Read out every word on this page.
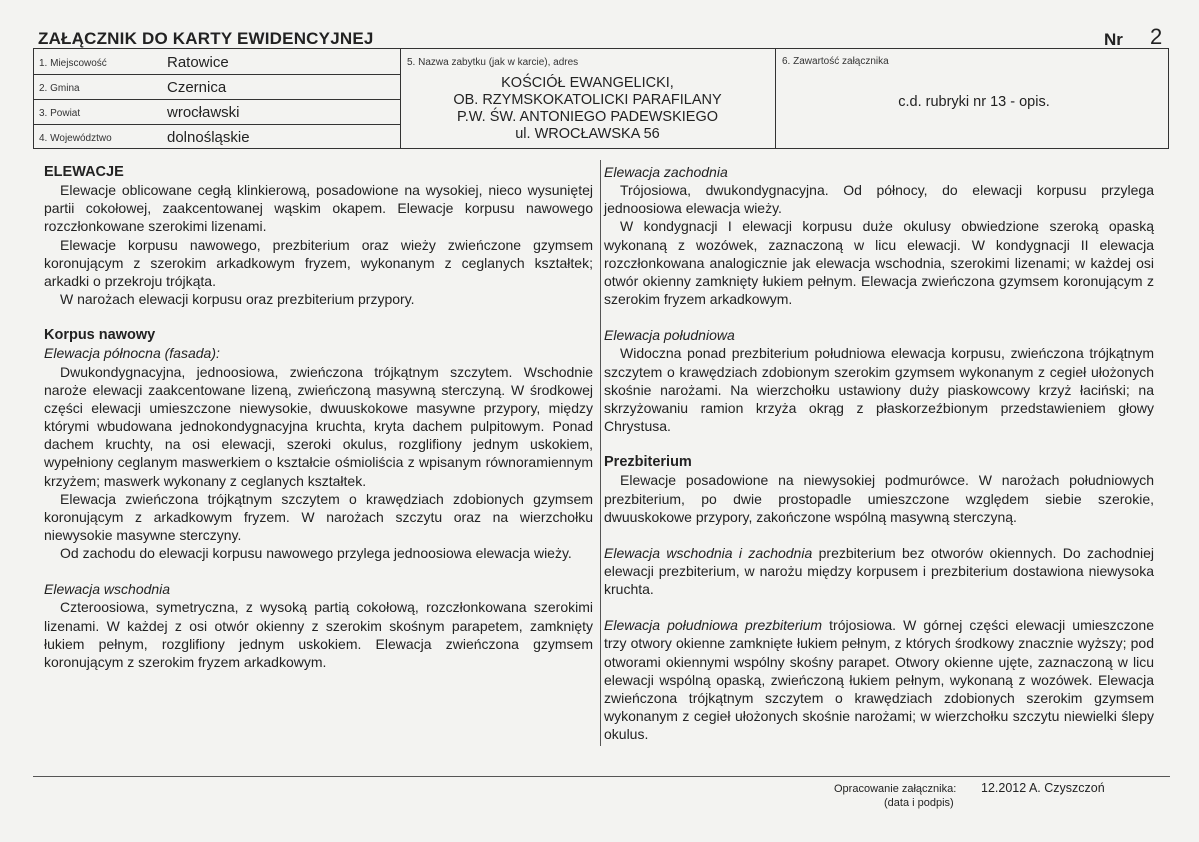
ZAŁĄCZNIK DO KARTY EWIDENCYJNEJ	Nr 2
1. Miejscowość	Ratowice
2. Gmina	Czernica
3. Powiat	wrocławski
4. Województwo	dolnośląskie
5. Nazwa zabytku (jak w karcie), adres
KOŚCIÓŁ EWANGELICKI,
OB. RZYMSKOKATOLICKI PARAFILANY
P.W. ŚW. ANTONIEGO PADEWSKIEGO
ul. WROCŁAWSKA 56
6. Zawartość załącznika
c.d. rubryki nr 13 - opis.

ELEWACJE

Elewacje oblicowane cegłą klinkierową, posadowione na wysokiej, nieco wysuniętej partii cokołowej, zaakcentowanej wąskim okapem. Elewacje korpusu nawowego rozczłonkowane szerokimi lizenami.

Elewacje korpusu nawowego, prezbiterium oraz wieży zwieńczone gzymsem koronującym z szerokim arkadkowym fryzem, wykonanym z ceglanych kształtek; arkadki o przekroju trójkąta.

W narożach elewacji korpusu oraz prezbiterium przypory.

Korpus nawowy

Elewacja północna (fasada):

Dwukondygnacyjna, jednoosiowa, zwieńczona trójkątnym szczytem. Wschodnie naroże elewacji zaakcentowane lizeną, zwieńczoną masywną sterczyną. W środkowej części elewacji umieszczone niewysokie, dwuuskokowe masywne przypory, między którymi wbudowana jednokondygnacyjna kruchta, kryta dachem pulpitowym. Ponad dachem kruchty, na osi elewacji, szeroki okulus, rozglifiony jednym uskokiem, wypełniony ceglanym maswerkiem o kształcie ośmioliścia z wpisanym równoramiennym krzyżem; maswerk wykonany z ceglanych kształtek.

Elewacja zwieńczona trójkątnym szczytem o krawędziach zdobionych gzymsem koronującym z arkadkowym fryzem. W narożach szczytu oraz na wierzchołku niewysokie masywne sterczyny.

Od zachodu do elewacji korpusu nawowego przylega jednoosiowa elewacja wieży.

Elewacja wschodnia

Czteroosiowa, symetryczna, z wysoką partią cokołową, rozczłonkowana szerokimi lizenami. W każdej z osi otwór okienny z szerokim skośnym parapetem, zamknięty łukiem pełnym, rozglifiony jednym uskokiem. Elewacja zwieńczona gzymsem koronującym z szerokim fryzem arkadkowym.

Elewacja zachodnia

Trójosiowa, dwukondygnacyjna. Od północy, do elewacji korpusu przylega jednoosiowa elewacja wieży.

W kondygnacji I elewacji korpusu duże okulusy obwiedzione szeroką opaską wykonaną z wozówek, zaznaczoną w licu elewacji. W kondygnacji II elewacja rozczłonkowana analogicznie jak elewacja wschodnia, szerokimi lizenami; w każdej osi otwór okienny zamknięty łukiem pełnym. Elewacja zwieńczona gzymsem koronującym z szerokim fryzem arkadkowym.

Elewacja południowa

Widoczna ponad prezbiterium południowa elewacja korpusu, zwieńczona trójkątnym szczytem o krawędziach zdobionym szerokim gzymsem wykonanym z cegieł ułożonych skośnie narożami. Na wierzchołku ustawiony duży piaskowcowy krzyż łaciński; na skrzyżowaniu ramion krzyża okrąg z płaskorzeźbionym przedstawieniem głowy Chrystusa.

Prezbiterium

Elewacje posadowione na niewysokiej podmurówce. W narożach południowych prezbiterium, po dwie prostopadle umieszczone względem siebie szerokie, dwuuskokowe przypory, zakończone wspólną masywną sterczyną.

Elewacja wschodnia i zachodnia prezbiterium bez otworów okiennych. Do zachodniej elewacji prezbiterium, w narożu między korpusem i prezbiterium dostawiona niewysoka kruchta.

Elewacja południowa prezbiterium trójosiowa. W górnej części elewacji umieszczone trzy otwory okienne zamknięte łukiem pełnym, z których środkowy znacznie wyższy; pod otworami okiennymi wspólny skośny parapet. Otwory okienne ujęte, zaznaczoną w licu elewacji wspólną opaską, zwieńczoną łukiem pełnym, wykonaną z wozówek. Elewacja zwieńczona trójkątnym szczytem o krawędziach zdobionych szerokim gzymsem wykonanym z cegieł ułożonych skośnie narożami; w wierzchołku szczytu niewielki ślepy okulus.

Opracowanie załącznika: 12.2012 A. Czyszczoń
(data i podpis)
